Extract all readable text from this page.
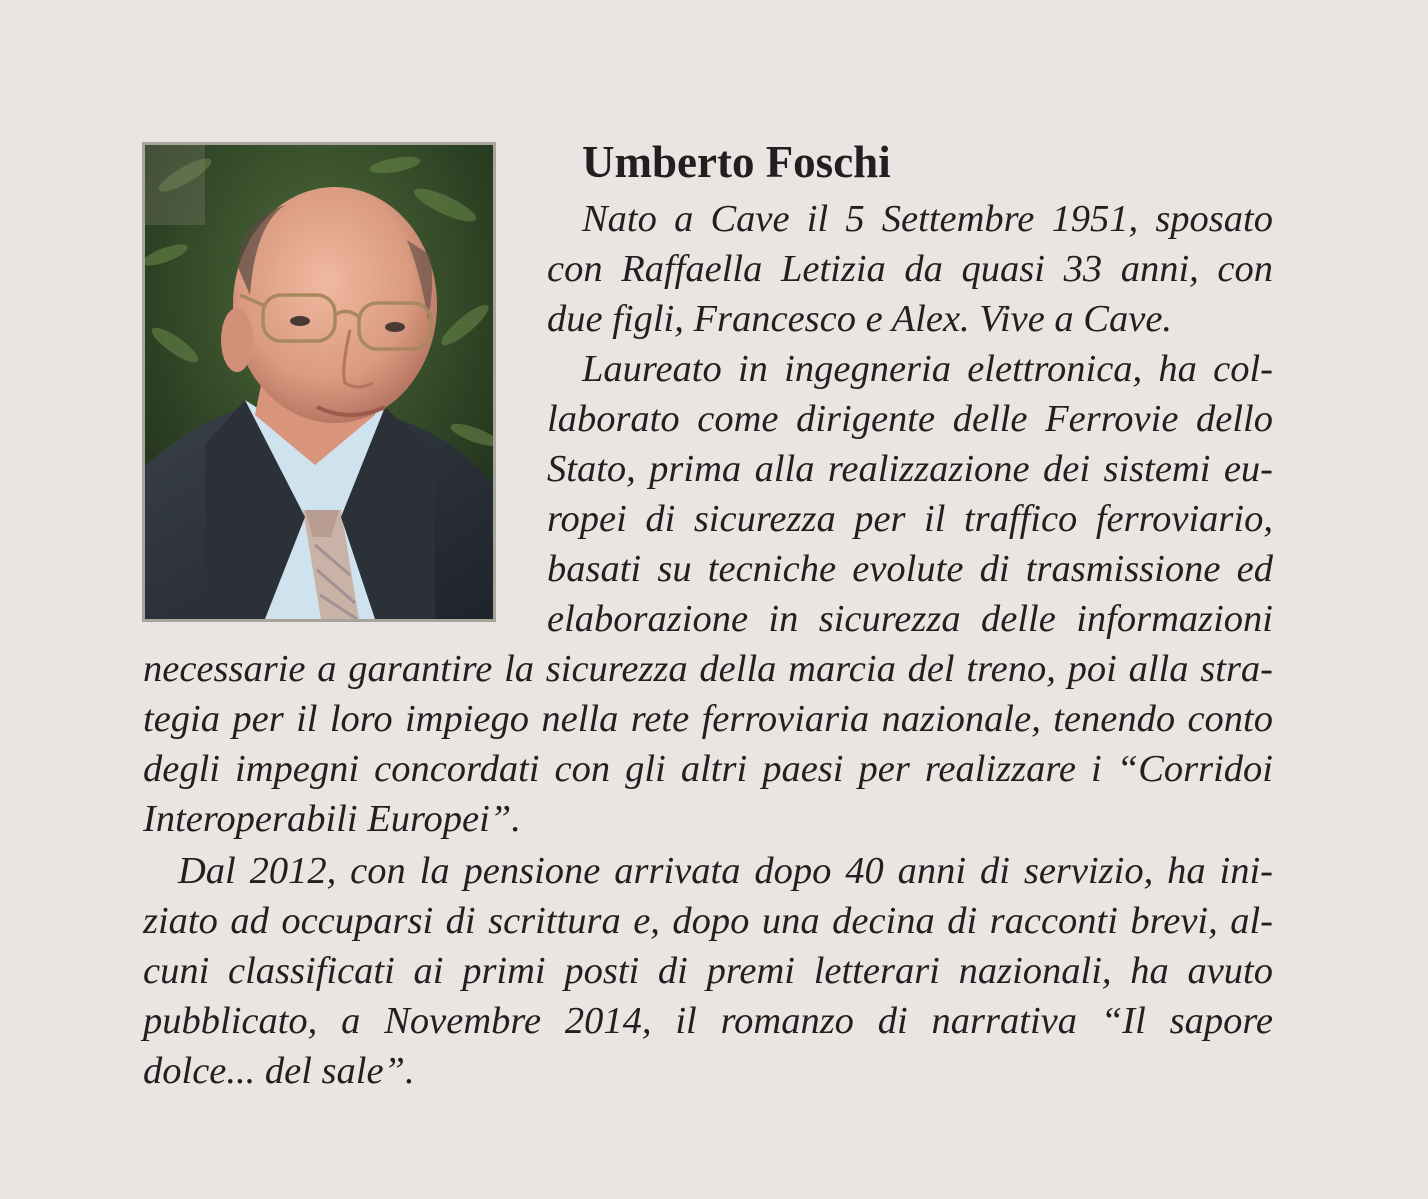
Umberto Foschi
Nato a Cave il 5 Settembre 1951, sposato
con Raffaella Letizia da quasi 33 anni, con
due figli, Francesco e Alex. Vive a Cave.
Laureato in ingegneria elettronica, ha col-
laborato come dirigente delle Ferrovie dello
Stato, prima alla realizzazione dei sistemi eu-
ropei di sicurezza per il traffico ferroviario,
basati su tecniche evolute di trasmissione ed
elaborazione in sicurezza delle informazioni
necessarie a garantire la sicurezza della marcia del treno, poi alla stra-
tegia per il loro impiego nella rete ferroviaria nazionale, tenendo conto
degli impegni concordati con gli altri paesi per realizzare i “Corridoi
Interoperabili Europei”.
Dal 2012, con la pensione arrivata dopo 40 anni di servizio, ha ini-
ziato ad occuparsi di scrittura e, dopo una decina di racconti brevi, al-
cuni classificati ai primi posti di premi letterari nazionali, ha avuto
pubblicato, a Novembre 2014, il romanzo di narrativa “Il sapore
dolce... del sale”.
